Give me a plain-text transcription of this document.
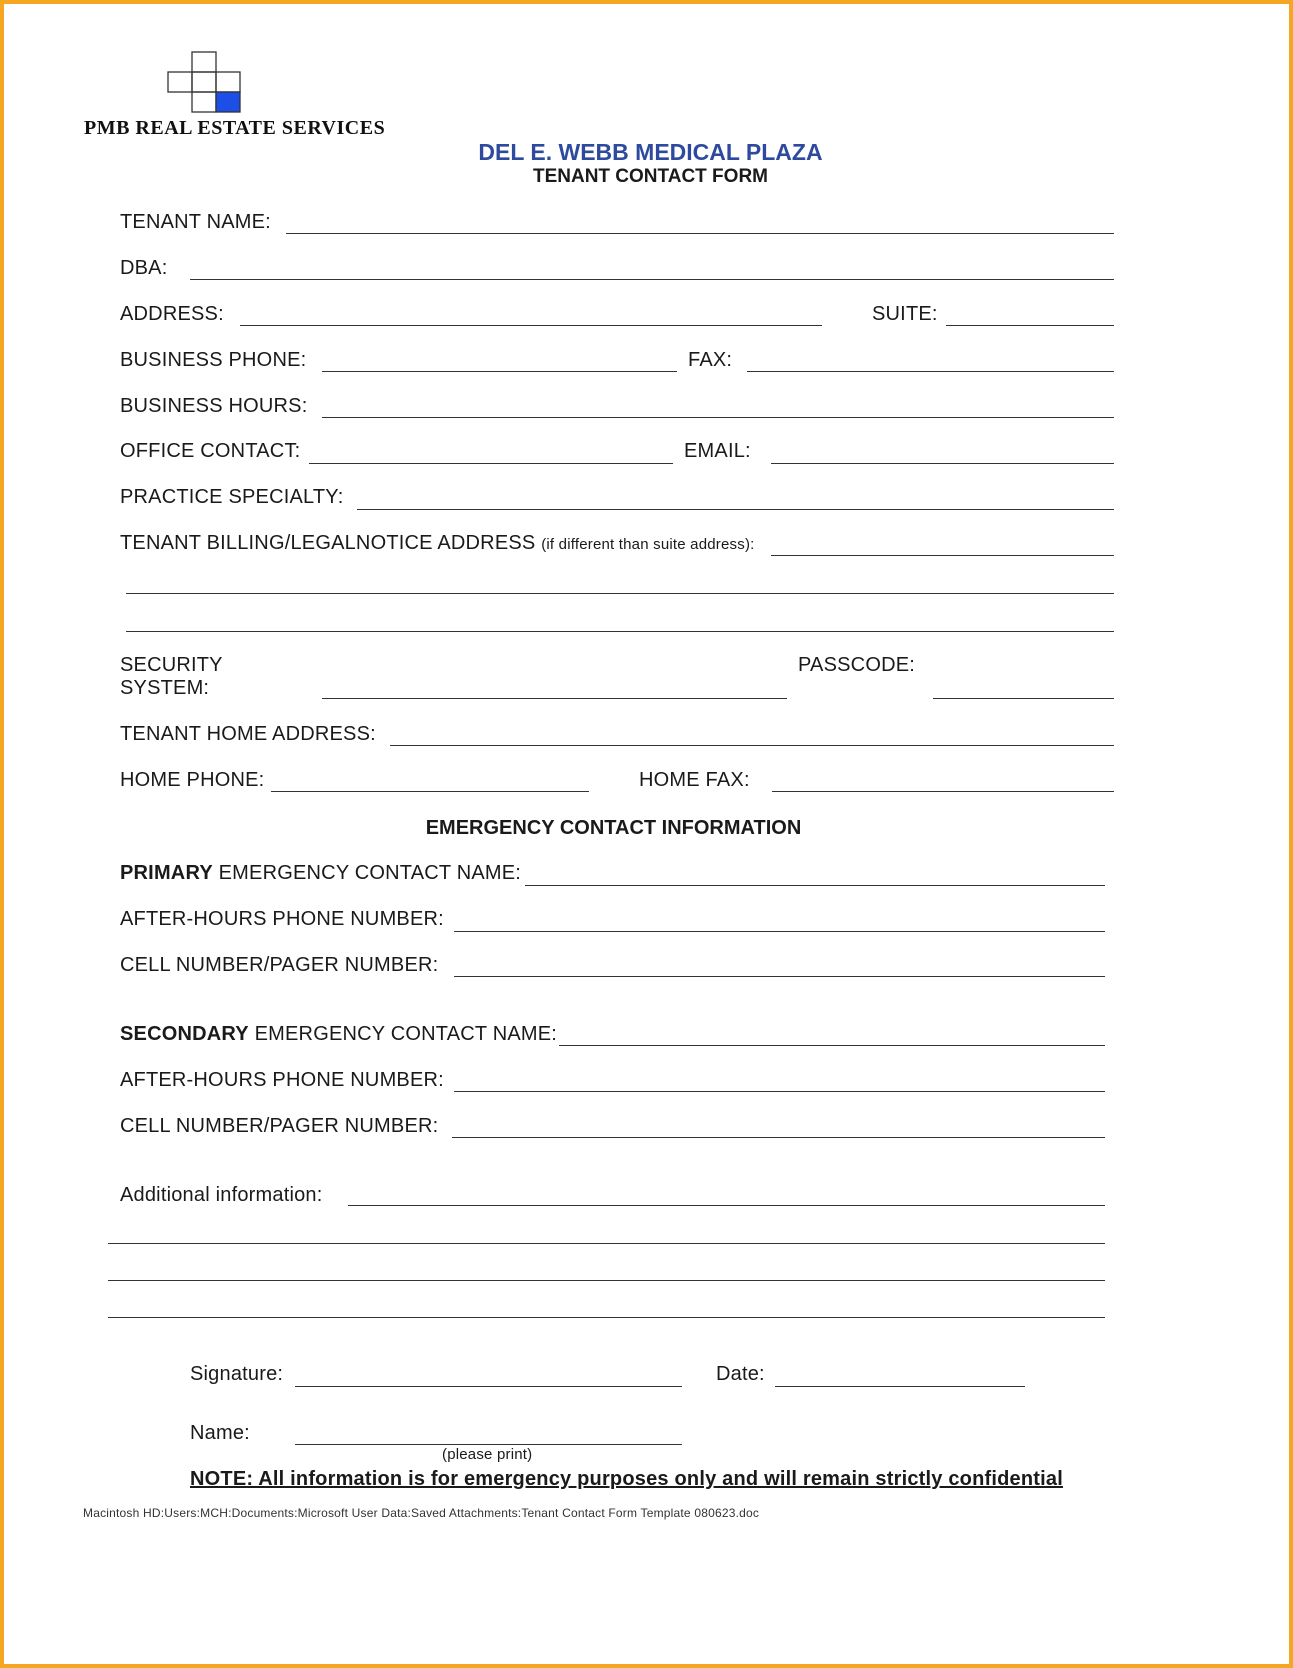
PMB REAL ESTATE SERVICES
DEL E. WEBB MEDICAL PLAZA
TENANT CONTACT FORM
TENANT NAME:
DBA:
ADDRESS:	SUITE:
BUSINESS PHONE:	FAX:
BUSINESS HOURS:
OFFICE CONTACT:	EMAIL:
PRACTICE SPECIALTY:
TENANT BILLING/LEGALNOTICE ADDRESS (if different than suite address):
SECURITY
SYSTEM:
PASSCODE:
TENANT HOME ADDRESS:
HOME PHONE:	HOME FAX:
EMERGENCY CONTACT INFORMATION
PRIMARY EMERGENCY CONTACT NAME:
AFTER-HOURS PHONE NUMBER:
CELL NUMBER/PAGER NUMBER:
SECONDARY EMERGENCY CONTACT NAME:
AFTER-HOURS PHONE NUMBER:
CELL NUMBER/PAGER NUMBER:
Additional information:
Signature:	Date:
Name:
(please print)
NOTE: All information is for emergency purposes only and will remain strictly confidential
Macintosh HD:Users:MCH:Documents:Microsoft User Data:Saved Attachments:Tenant Contact Form Template 080623.doc
